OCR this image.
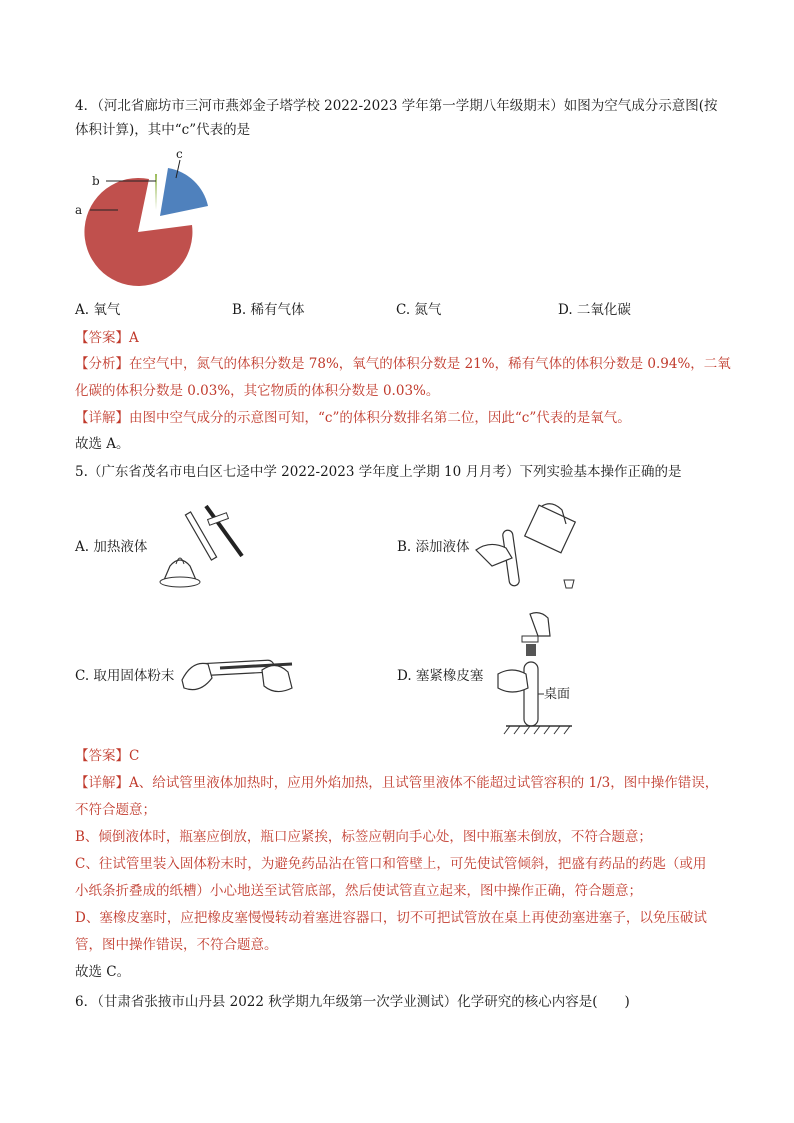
4．（河北省廊坊市三河市燕郊金子塔学校 2022-2023 学年第一学期八年级期末）如图为空气成分示意图(按
体积计算)，其中“c”代表的是
a
b
c
A. 氧气	B. 稀有气体	C. 氮气	D. 二氧化碳
【答案】A
【分析】在空气中，氮气的体积分数是 78%，氧气的体积分数是 21%，稀有气体的体积分数是 0.94%，二氧
化碳的体积分数是 0.03%，其它物质的体积分数是 0.03%。
【详解】由图中空气成分的示意图可知，“c”的体积分数排名第二位，因此“c”代表的是氧气。
故选 A。
5.（广东省茂名市电白区七迳中学 2022-2023 学年度上学期 10 月月考）下列实验基本操作正确的是
A. 加热液体	B. 添加液体
C. 取用固体粉末	D. 塞紧橡皮塞
桌面
【答案】C
【详解】A、给试管里液体加热时，应用外焰加热，且试管里液体不能超过试管容积的 1/3，图中操作错误，
不符合题意；
B、倾倒液体时，瓶塞应倒放，瓶口应紧挨，标签应朝向手心处，图中瓶塞未倒放，不符合题意；
C、往试管里装入固体粉末时，为避免药品沾在管口和管壁上，可先使试管倾斜，把盛有药品的药匙（或用
小纸条折叠成的纸槽）小心地送至试管底部，然后使试管直立起来，图中操作正确，符合题意；
D、塞橡皮塞时，应把橡皮塞慢慢转动着塞进容器口，切不可把试管放在桌上再使劲塞进塞子，以免压破试
管，图中操作错误，不符合题意。
故选 C。
6．（甘肃省张掖市山丹县 2022 秋学期九年级第一次学业测试）化学研究的核心内容是(　　)
